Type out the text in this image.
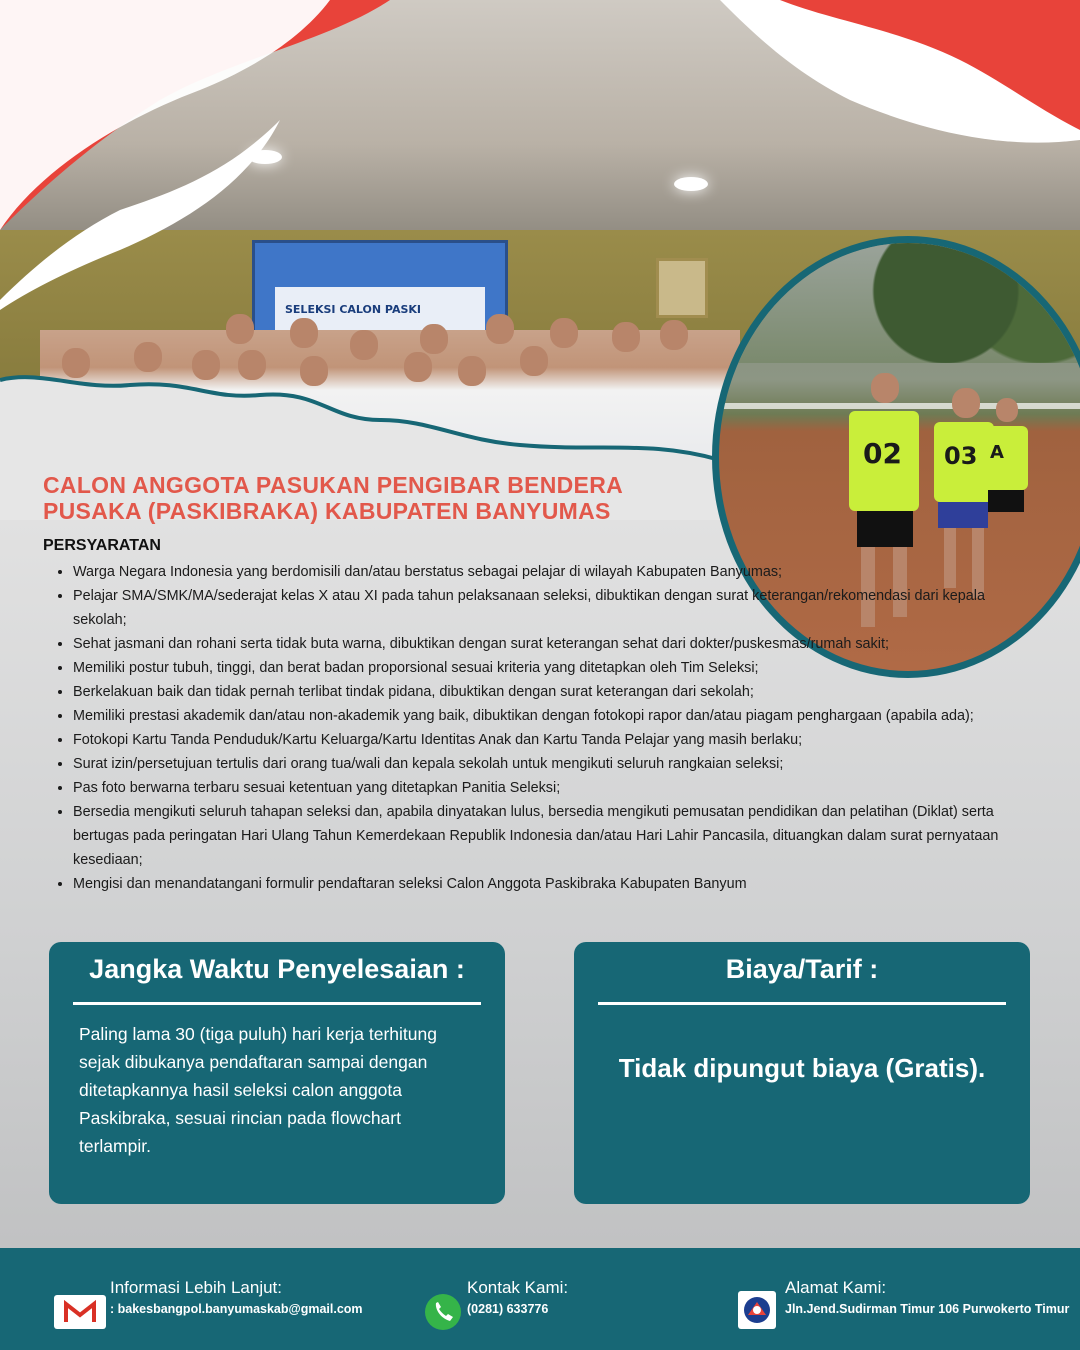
SELEKSI CALON PASKI
02 03 A
CALON ANGGOTA PASUKAN PENGIBAR BENDERA
PUSAKA (PASKIBRAKA) KABUPATEN BANYUMAS
PERSYARATAN
• Warga Negara Indonesia yang berdomisili dan/atau berstatus sebagai pelajar di wilayah Kabupaten Banyumas;
• Pelajar SMA/SMK/MA/sederajat kelas X atau XI pada tahun pelaksanaan seleksi, dibuktikan dengan surat keterangan/rekomendasi dari kepala sekolah;
• Sehat jasmani dan rohani serta tidak buta warna, dibuktikan dengan surat keterangan sehat dari dokter/puskesmas/rumah sakit;
• Memiliki postur tubuh, tinggi, dan berat badan proporsional sesuai kriteria yang ditetapkan oleh Tim Seleksi;
• Berkelakuan baik dan tidak pernah terlibat tindak pidana, dibuktikan dengan surat keterangan dari sekolah;
• Memiliki prestasi akademik dan/atau non-akademik yang baik, dibuktikan dengan fotokopi rapor dan/atau piagam penghargaan (apabila ada);
• Fotokopi Kartu Tanda Penduduk/Kartu Keluarga/Kartu Identitas Anak dan Kartu Tanda Pelajar yang masih berlaku;
• Surat izin/persetujuan tertulis dari orang tua/wali dan kepala sekolah untuk mengikuti seluruh rangkaian seleksi;
• Pas foto berwarna terbaru sesuai ketentuan yang ditetapkan Panitia Seleksi;
• Bersedia mengikuti seluruh tahapan seleksi dan, apabila dinyatakan lulus, bersedia mengikuti pemusatan pendidikan dan pelatihan (Diklat) serta bertugas pada peringatan Hari Ulang Tahun Kemerdekaan Republik Indonesia dan/atau Hari Lahir Pancasila, dituangkan dalam surat pernyataan kesediaan;
• Mengisi dan menandatangani formulir pendaftaran seleksi Calon Anggota Paskibraka Kabupaten Banyum
Jangka Waktu Penyelesaian :
Paling lama 30 (tiga puluh) hari kerja terhitung sejak dibukanya pendaftaran sampai dengan ditetapkannya hasil seleksi calon anggota Paskibraka, sesuai rincian pada flowchart terlampir.
Biaya/Tarif :
Tidak dipungut biaya (Gratis).
Informasi Lebih Lanjut:
: bakesbangpol.banyumaskab@gmail.com
Kontak Kami:
(0281) 633776
Alamat Kami:
Jln.Jend.Sudirman Timur 106 Purwokerto Timur
